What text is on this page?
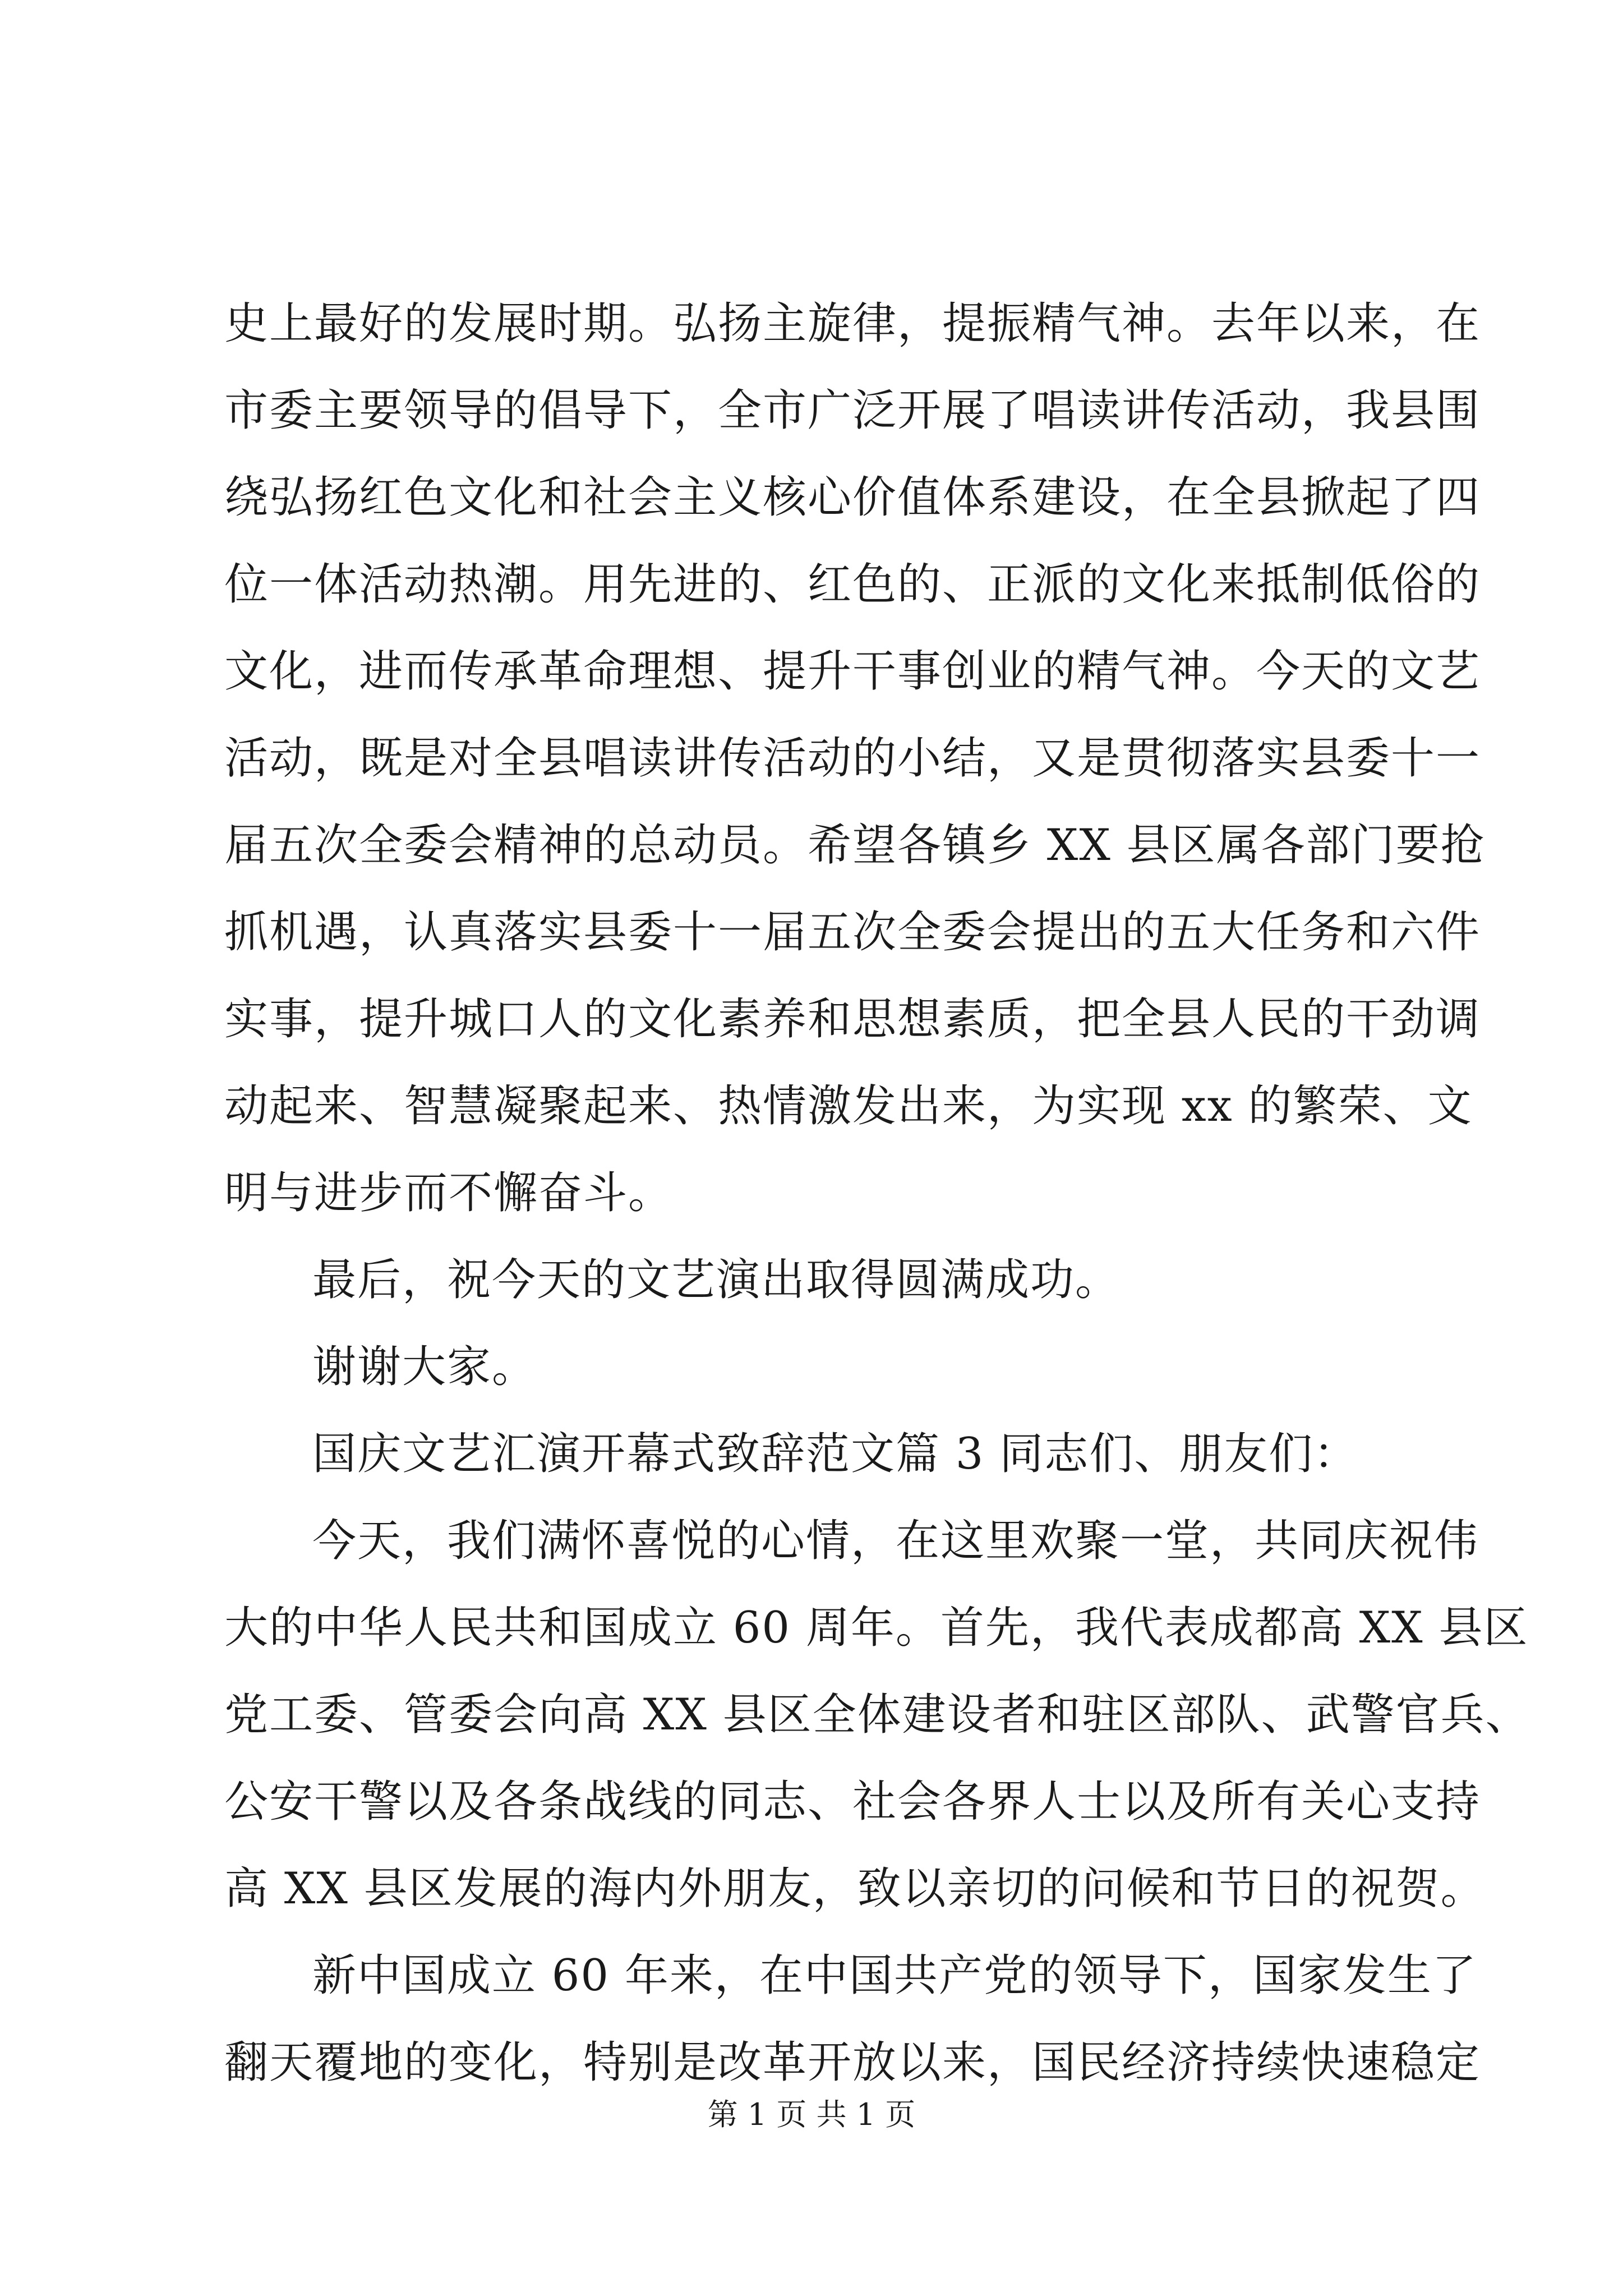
史上最好的发展时期。弘扬主旋律，提振精气神。去年以来，在
市委主要领导的倡导下，全市广泛开展了唱读讲传活动，我县围
绕弘扬红色文化和社会主义核心价值体系建设，在全县掀起了四
位一体活动热潮。用先进的、红色的、正派的文化来抵制低俗的
文化，进而传承革命理想、提升干事创业的精气神。今天的文艺
活动，既是对全县唱读讲传活动的小结，又是贯彻落实县委十一
届五次全委会精神的总动员。希望各镇乡 XX 县区属各部门要抢
抓机遇，认真落实县委十一届五次全委会提出的五大任务和六件
实事，提升城口人的文化素养和思想素质，把全县人民的干劲调
动起来、智慧凝聚起来、热情激发出来，为实现 xx 的繁荣、文
明与进步而不懈奋斗。
最后，祝今天的文艺演出取得圆满成功。
谢谢大家。
国庆文艺汇演开幕式致辞范文篇 3 同志们、朋友们：
今天，我们满怀喜悦的心情，在这里欢聚一堂，共同庆祝伟
大的中华人民共和国成立 60 周年。首先，我代表成都高 XX 县区
党工委、管委会向高 XX 县区全体建设者和驻区部队、武警官兵、
公安干警以及各条战线的同志、社会各界人士以及所有关心支持
高 XX 县区发展的海内外朋友，致以亲切的问候和节日的祝贺。
新中国成立 60 年来，在中国共产党的领导下，国家发生了
翻天覆地的变化，特别是改革开放以来，国民经济持续快速稳定
第 1 页 共 1 页
